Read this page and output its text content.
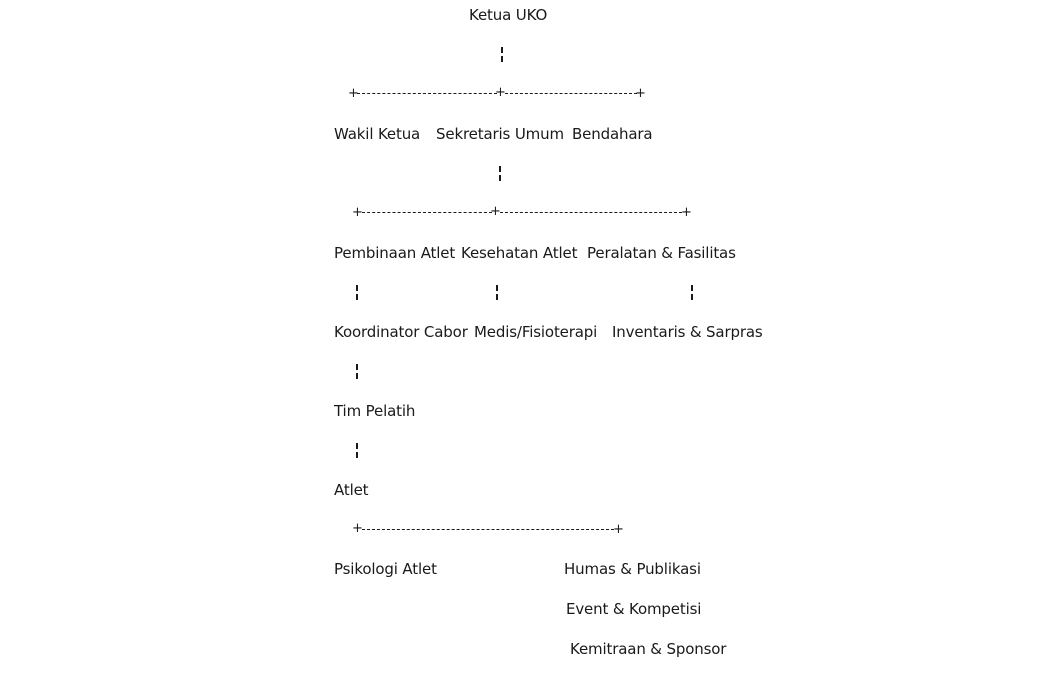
Ketua UKO
+	+	+
Wakil Ketua Sekretaris Umum Bendahara
+	+	+
Pembinaan Atlet Kesehatan Atlet Peralatan & Fasilitas
Koordinator Cabor Medis/Fisioterapi Inventaris & Sarpras
Tim Pelatih
Atlet
+	+
Psikologi Atlet	Humas & Publikasi
Event & Kompetisi
Kemitraan & Sponsor
